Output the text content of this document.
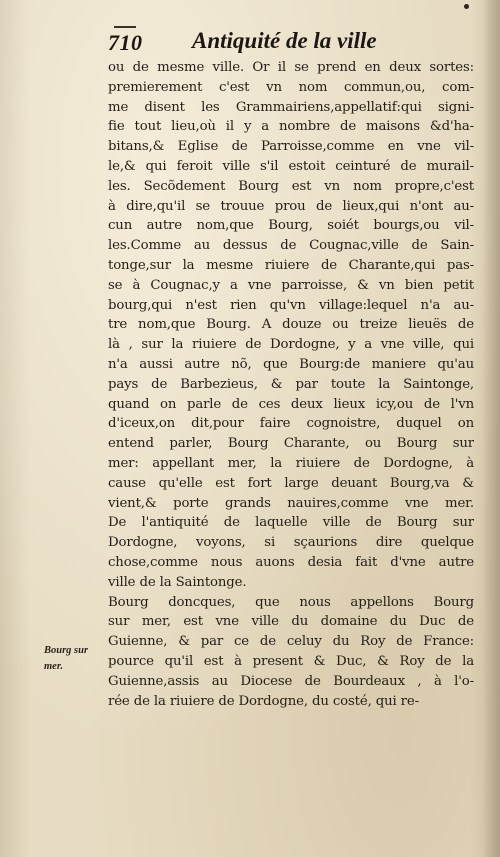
710 Antiquité de la ville
ou de mesme ville. Or il se prend en deux sortes:
premierement c'est vn nom commun,ou, com-
me disent les Grammairiens,appellatif:qui signi-
fie tout lieu,où il y a nombre de maisons &d'ha-
bitans,& Eglise de Parroisse,comme en vne vil-
le,& qui feroit ville s'il estoit ceinturé de murail-
les. Secõdement Bourg est vn nom propre,c'est
à dire,qu'il se trouue prou de lieux,qui n'ont au-
cun autre nom,que Bourg, soiét bourgs,ou vil-
les.Comme au dessus de Cougnac,ville de Sain-
tonge,sur la mesme riuiere de Charante,qui pas-
se à Cougnac,y a vne parroisse, & vn bien petit
bourg,qui n'est rien qu'vn village:lequel n'a au-
tre nom,que Bourg. A douze ou treize lieuës de
là , sur la riuiere de Dordogne, y a vne ville, qui
n'a aussi autre nõ, que Bourg:de maniere qu'au
pays de Barbezieus, & par toute la Saintonge,
quand on parle de ces deux lieux icy,ou de l'vn
d'iceux,on dit,pour faire cognoistre, duquel on
entend parler, Bourg Charante, ou Bourg sur
mer: appellant mer, la riuiere de Dordogne, à
cause qu'elle est fort large deuant Bourg,va &
vient,& porte grands nauires,comme vne mer.
De l'antiquité de laquelle ville de Bourg sur
Dordogne, voyons, si sçaurions dire quelque
chose,comme nous auons desia fait d'vne autre
ville de la Saintonge.
Bourg doncques, que nous appellons Bourg
sur mer, est vne ville du domaine du Duc de
Guienne, & par ce de celuy du Roy de France:
pource qu'il est à present & Duc, & Roy de la
Guienne,assis au Diocese de Bourdeaux , à l'o-
rée de la riuiere de Dordogne, du costé, qui re-
Bourg sur
mer.
